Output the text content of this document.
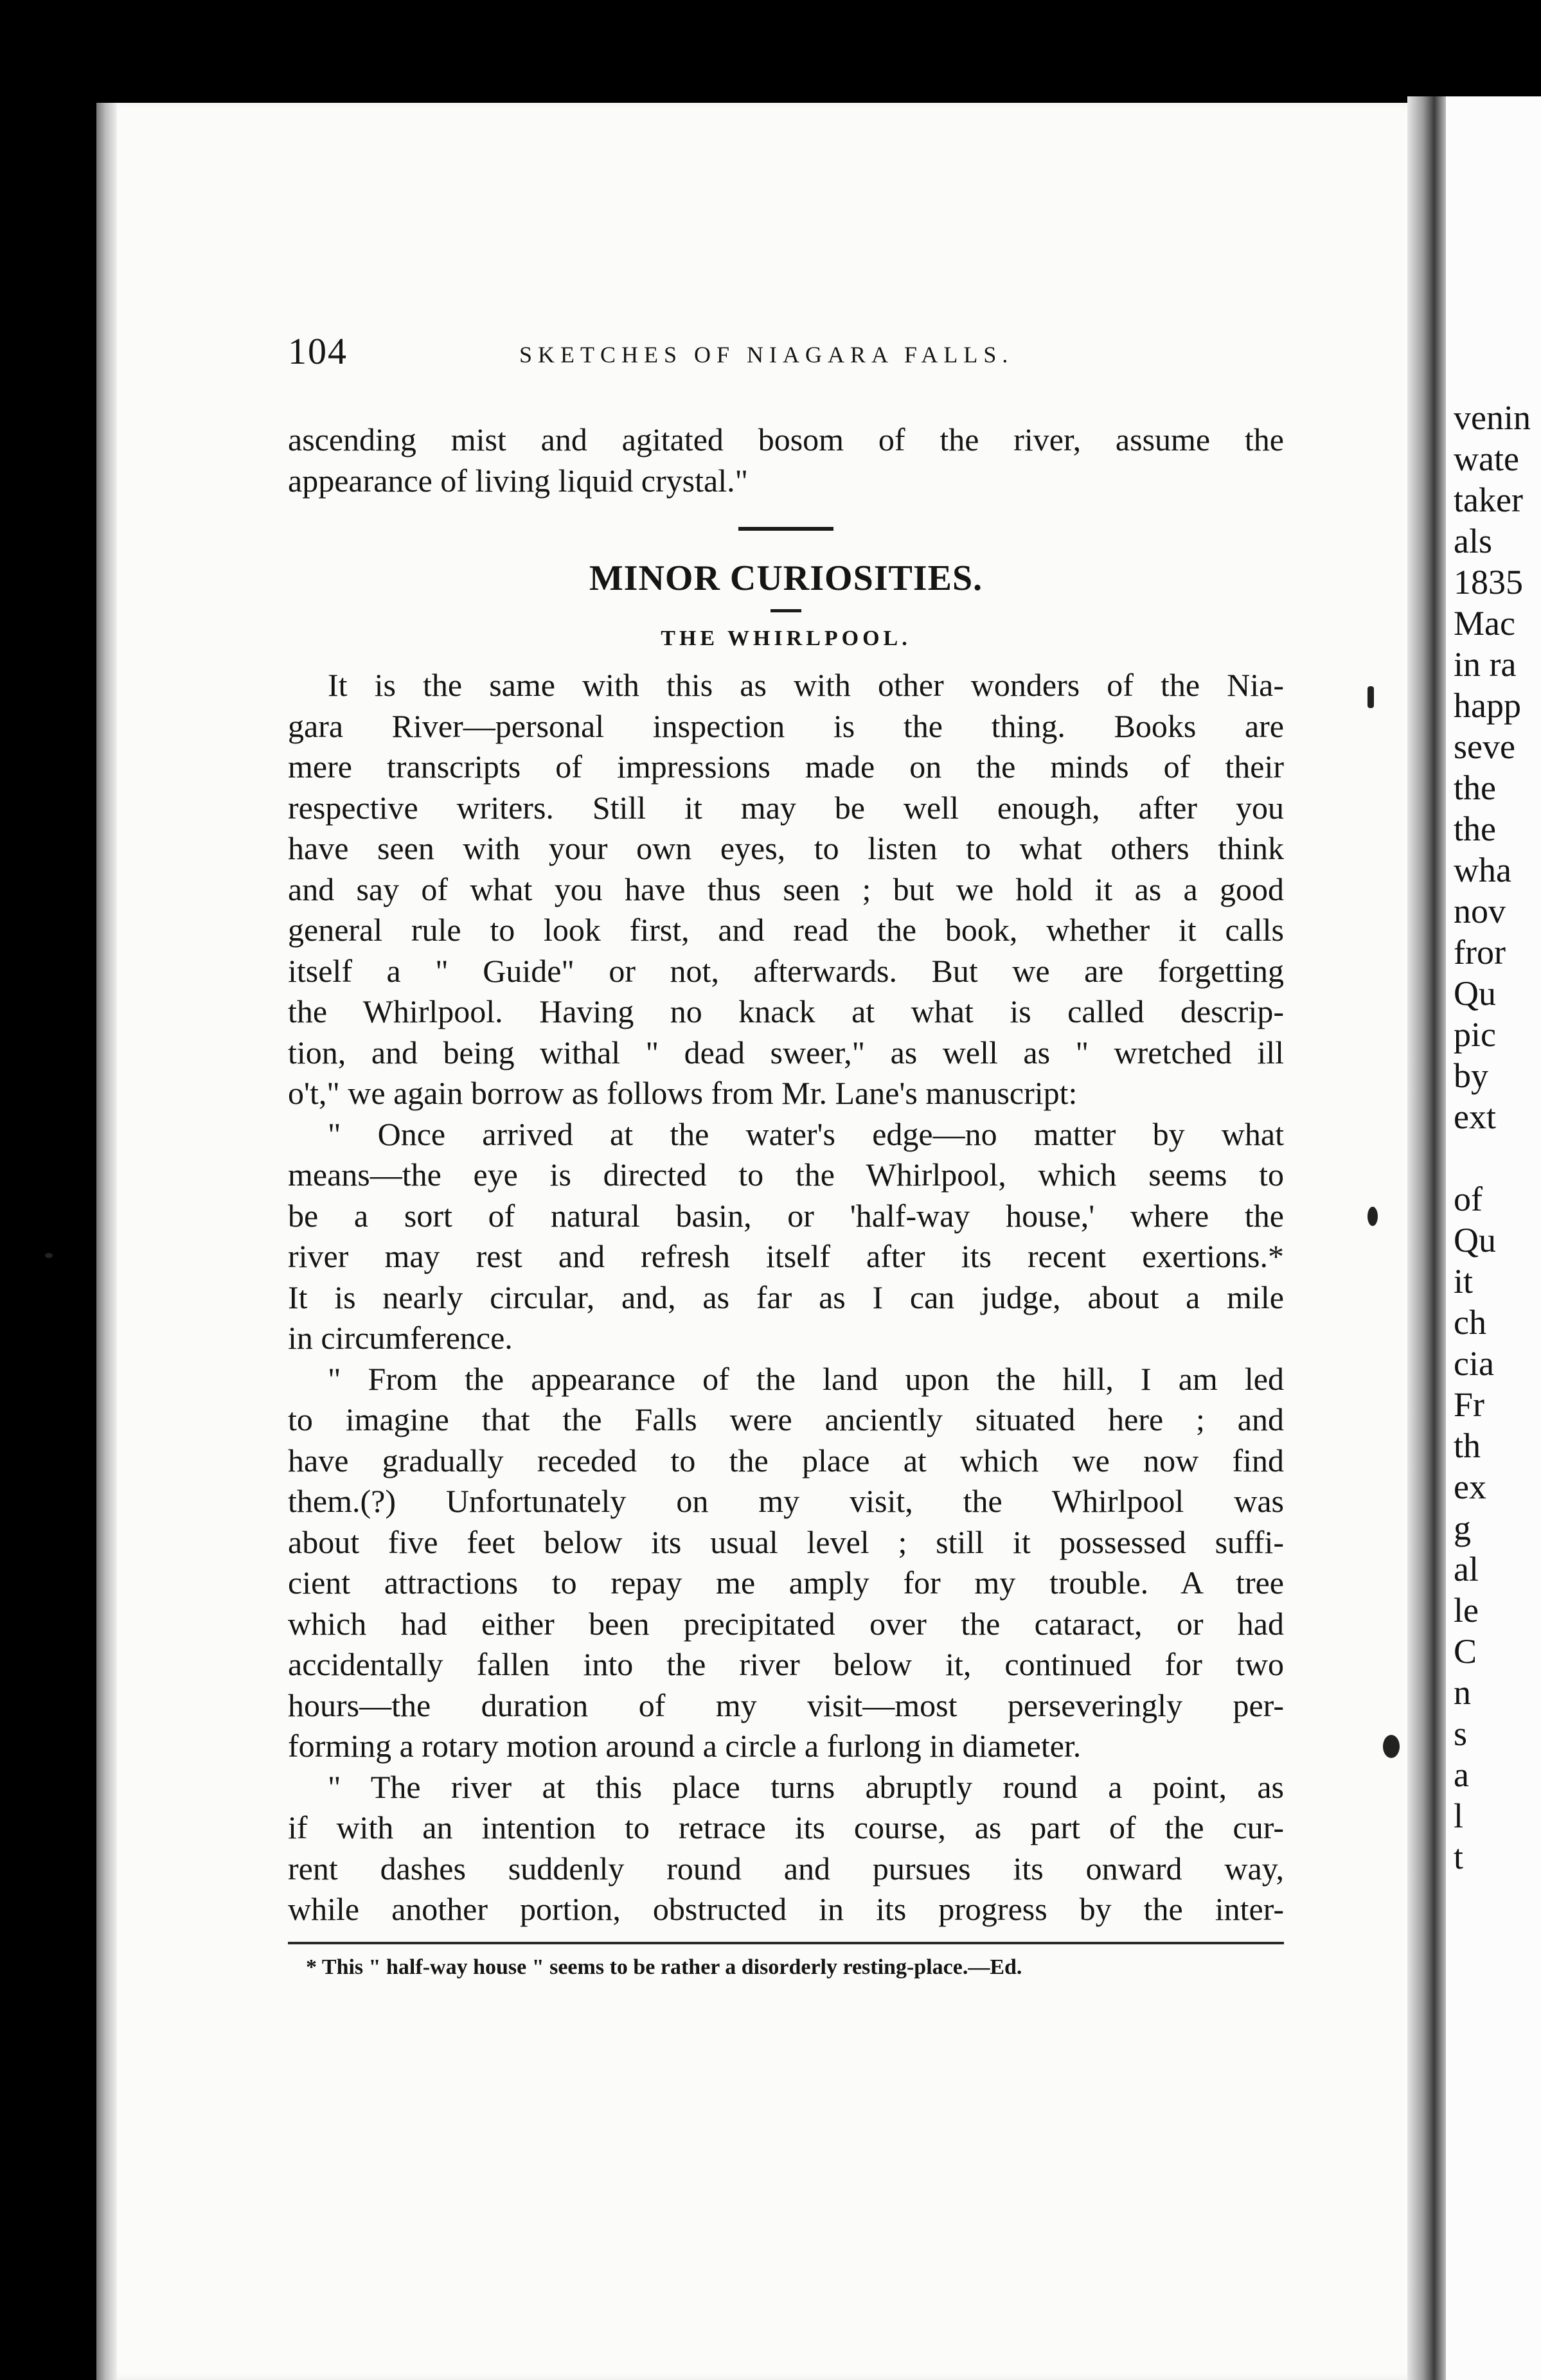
venin
wate
taker
als
1835
Mac
in ra
happ
seve
the
the
wha
nov
fror
Qu
pic
by
ext
of
Qu
it
ch
cia
Fr
th
ex
g
al
le
C
n
s
a
l
t
104	SKETCHES OF NIAGARA FALLS.

ascending mist and agitated bosom of the river, assume the

appearance of living liquid crystal."

MINOR CURIOSITIES.
THE WHIRLPOOL.

It is the same with this as with other wonders of the Nia-

gara River—personal inspection is the thing. Books are

mere transcripts of impressions made on the minds of their

respective writers. Still it may be well enough, after you

have seen with your own eyes, to listen to what others think

and say of what you have thus seen ; but we hold it as a good

general rule to look first, and read the book, whether it calls

itself a " Guide" or not, afterwards. But we are forgetting

the Whirlpool. Having no knack at what is called descrip-

tion, and being withal " dead sweer," as well as " wretched ill

o't," we again borrow as follows from Mr. Lane's manuscript:

" Once arrived at the water's edge—no matter by what

means—the eye is directed to the Whirlpool, which seems to

be a sort of natural basin, or 'half-way house,' where the

river may rest and refresh itself after its recent exertions.*

It is nearly circular, and, as far as I can judge, about a mile

in circumference.

" From the appearance of the land upon the hill, I am led

to imagine that the Falls were anciently situated here ; and

have gradually receded to the place at which we now find

them.(?) Unfortunately on my visit, the Whirlpool was

about five feet below its usual level ; still it possessed suffi-

cient attractions to repay me amply for my trouble. A tree

which had either been precipitated over the cataract, or had

accidentally fallen into the river below it, continued for two

hours—the duration of my visit—most perseveringly per-

forming a rotary motion around a circle a furlong in diameter.

" The river at this place turns abruptly round a point, as

if with an intention to retrace its course, as part of the cur-

rent dashes suddenly round and pursues its onward way,

while another portion, obstructed in its progress by the inter-

* This " half-way house " seems to be rather a disorderly resting-place.—Ed.
